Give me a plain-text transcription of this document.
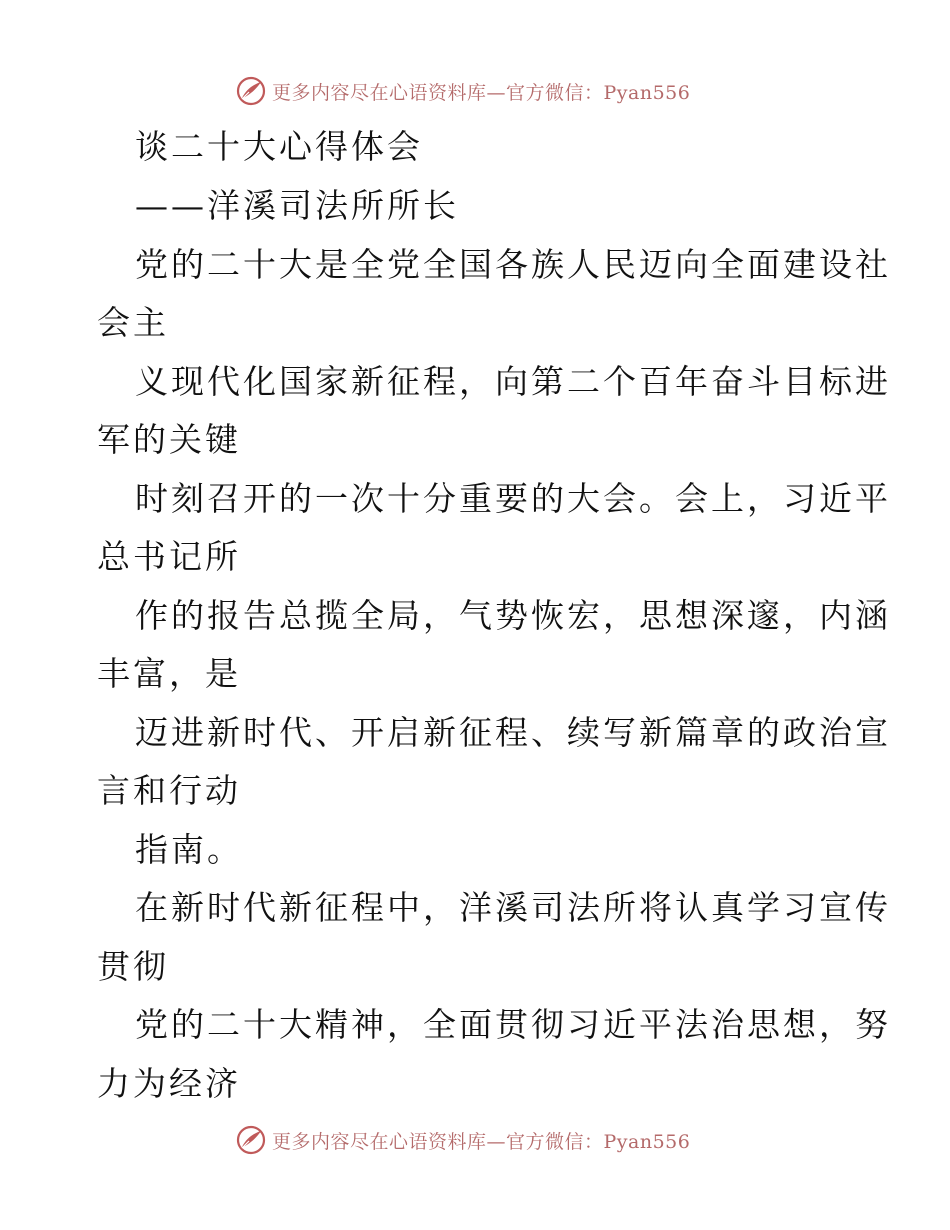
更多内容尽在心语资料库—官方微信：Pyan556
谈二十大心得体会
——洋溪司法所所长
党的二十大是全党全国各族人民迈向全面建设社
会主
义现代化国家新征程，向第二个百年奋斗目标进
军的关键
时刻召开的一次十分重要的大会。会上，习近平
总书记所
作的报告总揽全局，气势恢宏，思想深邃，内涵
丰富，是
迈进新时代、开启新征程、续写新篇章的政治宣
言和行动
指南。
在新时代新征程中，洋溪司法所将认真学习宣传
贯彻
党的二十大精神，全面贯彻习近平法治思想，努
力为经济
更多内容尽在心语资料库—官方微信：Pyan556
